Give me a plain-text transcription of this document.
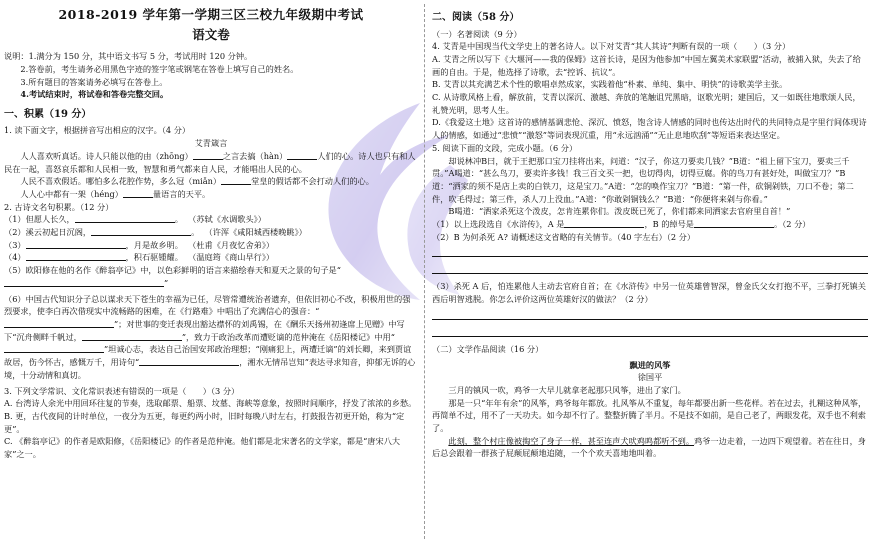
2018-2019 学年第一学期三区三校九年级期中考试
语文卷

说明：1.满分为 150 分，其中语文书写 5 分，考试用时 120 分钟。

2.答卷前，考生请务必用黑色字迹的签字笔或钢笔在答卷上填写自己的姓名。

3.所有题目的答案请务必填写在答卷上。

4.考试结束时，将试卷和答卷完整交回。

一、积累（19 分）

1. 读下面文字，根据拼音写出相应的汉字。（4 分）

艾青箴言

人人喜欢听真话。诗人只能以他的由（zhōng）	之言去搞（hàn）	人们的心。诗人也只有和人民在一起，喜怒哀乐都和人民相一致，智慧和勇气都来自人民，才能唱出人民的心。

人民不喜欢假话。哪怕多么花腔作势，多么冠（miǎn）	堂皇的假话都不会打动人们的心。

人人心中都有一架（héng）	量语言的天平。

2. 古诗文名句积累。（12 分）

（1）但愿人长久，	。 （苏轼《水调歌头》）

（2）溪云初起日沉阁，	。 （许浑《咸阳城西楼晚眺》）

（3）	，月是故乡明。 （杜甫《月夜忆舍弟》）

（4）	，积石驱锺耀。 （温庭筠《商山早行》）

（5）欧阳修在他的名作《醉翁亭记》中，以色彩鲜明的语言来描绘春天和夏天之景的句子是“”

（6）中国古代知识分子总以谋求天下苍生的幸福为已任，尽管常遭统治者遗弃，但依旧初心不改，积极用世的强烈要求，使李白再次借现实中流畅路的困难，在《行路难》中唱出了充满信心的强音：“”；对世事的变迁表现出豁达襟怀的刘禹锡，在《酬乐天扬州初逢席上见赠》中写下“沉舟侧畔千帆过，	”，致力于政治改革而遭贬谪的范仲淹在《岳阳楼记》中用“”坦诚心志，表达自己治国安邦政治理想；“刚痛犯上，两遭迁谪”的刘长卿，来到贾谊故居，伤今怀古，感慨万千，用诗句“	，湘水无情吊岂知”表达寻求知音，抑郁无诉的心境，十分动情和真切。

3. 下列文学常识、文化常识表述有错误的一项是（　　）（3 分）

A. 台湾诗人余光中用回环往复的节奏，选取邮票、船票、坟墓、海峡等意象，按照时间顺序，抒发了浓浓的乡愁。

B. 更，古代夜间的计时单位，一夜分为五更，每更约两小时，旧时每晚八时左右，打鼓报告初更开始，称为“定更”。

C. 《醉翁亭记》的作者是欧阳修，《岳阳楼记》的作者是范仲淹。他们都是北宋著名的文学家，都是“唐宋八大家”之一。

二、阅读（58 分）

（一）名著阅读（9 分）

4. 艾青是中国现当代文学史上的著名诗人。以下对艾青“其人其诗”判断有误的一项（　　）（3 分）

A. 艾青之所以写下《大堰河——我的保姆》这首长诗，是因为他参加“中国左翼美术家联盟”活动，被捕入狱，失去了给画的自由。于是，他选择了诗歌，去“控诉、抗议”。

B. 艾青以其充满艺术个性的歌唱卓然成家，实践着他“朴素、单纯、集中、明快”的诗歌美学主张。

C. 从诗歌风格上看，解放前，艾青以深沉、激越、奔放的笔触诅咒黑暗，讴歌光明；建国后，又一如既往地歌颂人民，礼赞光明，思考人生。

D.《我爱这土地》这首诗的感情基调悲怆、深沉、愤怒，饱含诗人情感的同时也传达出时代的共同特点是字里行间体现诗人的情感，如通过“悲愤”“激怒”等词表现沉重，用“永远汹涌”“无止息地吹刮”等短语来表达坚定。

5. 阅读下面的文段，完成小题。（6 分）

却说林冲B曰，就于王把那口宝刀挂将出来，问道：“汉子，你这刀要卖几钱？”B道：“祖上留下宝刀，要卖三千贯。”A喝道：“甚么鸟刀，要卖许多钱！我三百文买一把，也切得肉，切得豆腐。你的鸟刀有甚好处，叫做宝刀？”B道：“洒家的须不是店上卖的白铁刀，这是宝刀。”A道：“怎的唤作宝刀？”B道：“第一件，砍铜剁铁，刀口不卷；第二件，吹毛得过；第三件，杀人刀上没血。”A道：“你敢剁铜钱么？”B道：“你便将来剁与你看。”

B喝道：“洒家杀死这个泼皮，怎肯连累你们。泼皮既已死了，你们都来同洒家去官府里自首！”

（1）以上选段选自《水浒传》，A 是	，B 的绰号是	。（2 分）

（2）B 为何杀死 A? 请概述这文省略的有关情节。（40 字左右）（2 分）

（3）杀死 A 后，怕连累他人主动去官府自首；在《水浒传》中另一位英雄曾智深，曾金氏父女打抱不平，三拳打死镇关西后明智逃脱。你怎么评价这两位英雄好汉的做法？（2 分）

（二）文学作品阅读（16 分）

飘进的风筝

徐国平

三月的镇风一吹，鸡爷一大早儿就拿老起那只风筝，进出了家门。

那是一只“年年有余”的风筝，鸡爷每年都放。扎风筝从不重复，每年都要出新一些花样。若在过去，扎糊这种风筝，再简单不过，用不了一天功夫。如今却不行了。整整折腾了半月。不是技不如前，是自己老了，两眼发花，双手也不利索了。

此刻，整个村庄像被掏空了身子一样，甚至连声犬吠鸡鸣都听不到。鸡爷一边走着，一边四下观望着。若在往日，身后总会跟着一群孩子屁颠屁颠地追随，一个个欢天喜地地叫着。
